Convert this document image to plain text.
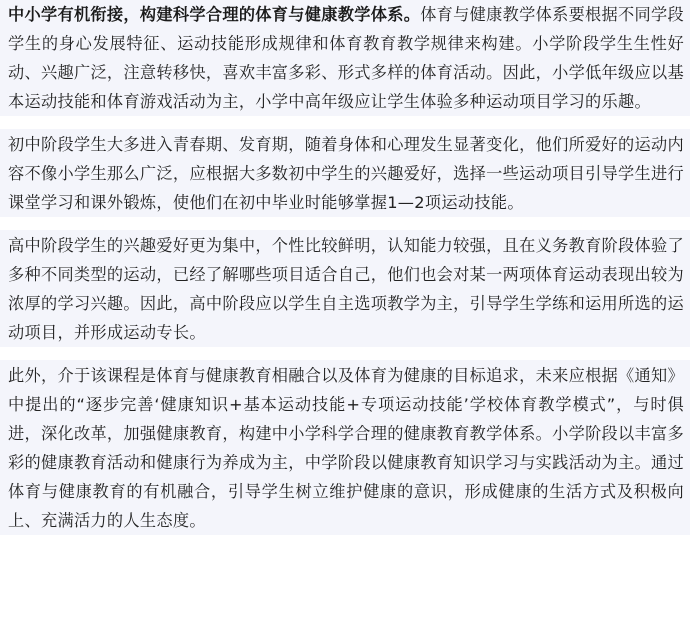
中小学有机衔接，构建科学合理的体育与健康教学体系。体育与健康教学体系要根据不同学段学生的身心发展特征、运动技能形成规律和体育教育教学规律来构建。小学阶段学生生性好动、兴趣广泛，注意转移快，喜欢丰富多彩、形式多样的体育活动。因此，小学低年级应以基本运动技能和体育游戏活动为主，小学中高年级应让学生体验多种运动项目学习的乐趣。

初中阶段学生大多进入青春期、发育期，随着身体和心理发生显著变化，他们所爱好的运动内容不像小学生那么广泛，应根据大多数初中学生的兴趣爱好，选择一些运动项目引导学生进行课堂学习和课外锻炼，使他们在初中毕业时能够掌握1—2项运动技能。

高中阶段学生的兴趣爱好更为集中，个性比较鲜明，认知能力较强，且在义务教育阶段体验了多种不同类型的运动，已经了解哪些项目适合自己，他们也会对某一两项体育运动表现出较为浓厚的学习兴趣。因此，高中阶段应以学生自主选项教学为主，引导学生学练和运用所选的运动项目，并形成运动专长。

此外，介于该课程是体育与健康教育相融合以及体育为健康的目标追求，未来应根据《通知》中提出的“逐步完善‘健康知识+基本运动技能+专项运动技能’学校体育教学模式”，与时俱进，深化改革，加强健康教育，构建中小学科学合理的健康教育教学体系。小学阶段以丰富多彩的健康教育活动和健康行为养成为主，中学阶段以健康教育知识学习与实践活动为主。通过体育与健康教育的有机融合，引导学生树立维护健康的意识，形成健康的生活方式及积极向上、充满活力的人生态度。
